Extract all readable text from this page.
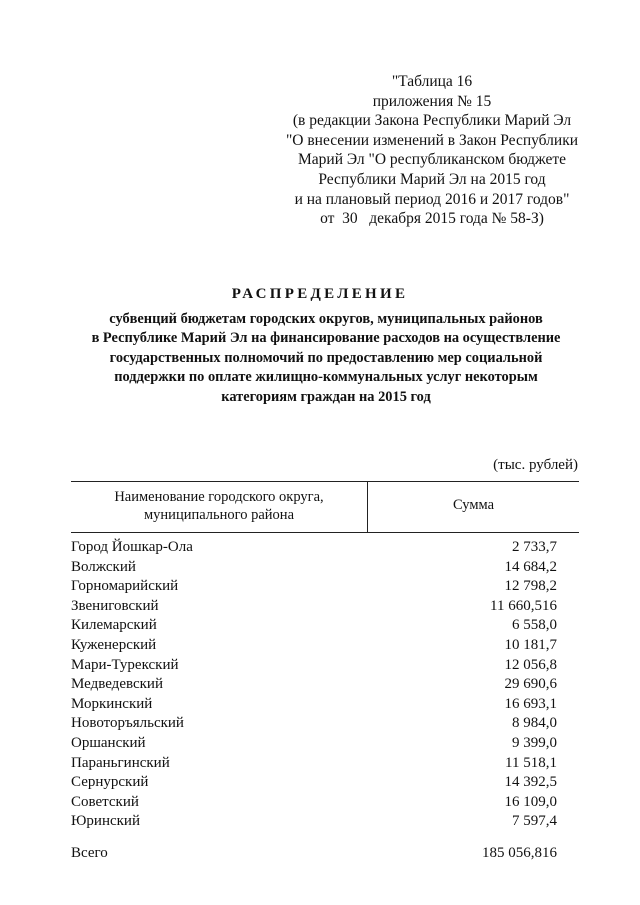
"Таблица 16
приложения № 15
(в редакции Закона Республики Марий Эл
"О внесении изменений в Закон Республики
Марий Эл "О республиканском бюджете
Республики Марий Эл на 2015 год
и на плановый период 2016 и 2017 годов"
от  30   декабря 2015 года № 58-З)
РАСПРЕДЕЛЕНИЕ
субвенций бюджетам городских округов, муниципальных районов
в Республике Марий Эл на финансирование расходов на осуществление
государственных полномочий по предоставлению мер социальной
поддержки по оплате жилищно-коммунальных услуг некоторым
категориям граждан на 2015 год
(тыс. рублей)
Наименование городского округа,
муниципального района
Сумма
Город Йошкар-Ола	2 733,7
Волжский	14 684,2
Горномарийский	12 798,2
Звениговский	11 660,516
Килемарский	6 558,0
Куженерский	10 181,7
Мари-Турекский	12 056,8
Медведевский	29 690,6
Моркинский	16 693,1
Новоторъяльский	8 984,0
Оршанский	9 399,0
Параньгинский	11 518,1
Сернурский	14 392,5
Советский	16 109,0
Юринский	7 597,4
Всего	185 056,816
